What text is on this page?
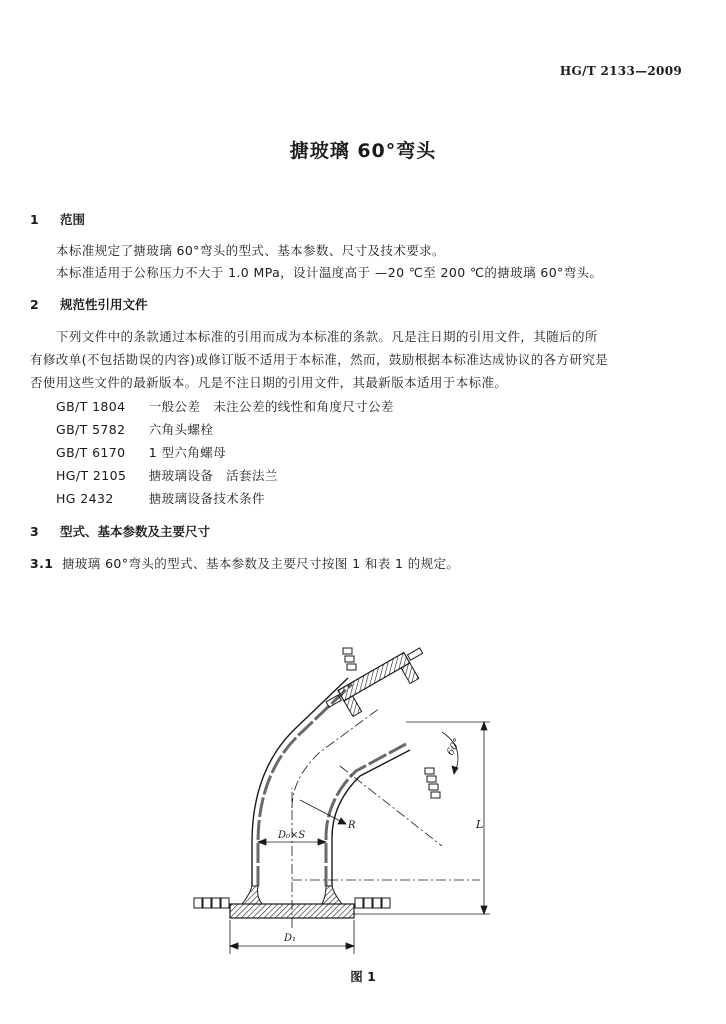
HG/T 2133—2009
搪玻璃 60°弯头
1 范围
本标准规定了搪玻璃 60°弯头的型式、基本参数、尺寸及技术要求。
本标准适用于公称压力不大于 1.0 MPa，设计温度高于 —20 ℃至 200 ℃的搪玻璃 60°弯头。
2 规范性引用文件
下列文件中的条款通过本标准的引用而成为本标准的条款。凡是注日期的引用文件，其随后的所
有修改单(不包括勘误的内容)或修订版不适用于本标准，然而，鼓励根据本标准达成协议的各方研究是
否使用这些文件的最新版本。凡是不注日期的引用文件，其最新版本适用于本标准。
GB/T 1804 一般公差　未注公差的线性和角度尺寸公差
GB/T 5782 六角头螺栓
GB/T 6170 1 型六角螺母
HG/T 2105 搪玻璃设备　活套法兰
HG 2432	搪玻璃设备技术条件
3 型式、基本参数及主要尺寸
3.1 搪玻璃 60°弯头的型式、基本参数及主要尺寸按图 1 和表 1 的规定。
60°
L
R
D₀×S
D₁
图 1
